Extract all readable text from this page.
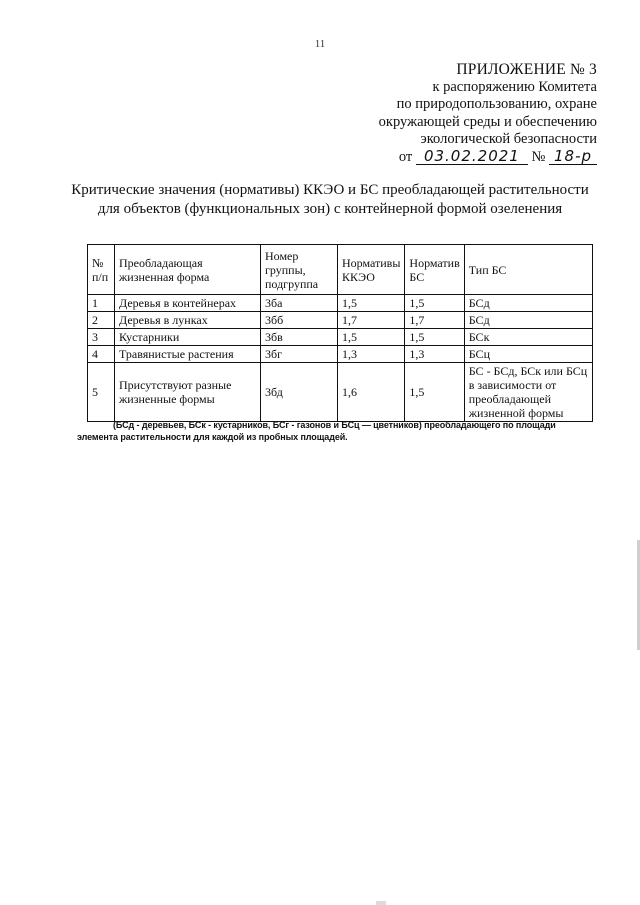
11
ПРИЛОЖЕНИЕ № 3
к распоряжению Комитета
по природопользованию, охране
окружающей среды и обеспечению
экологической безопасности
от 03.02.2021 № 18-р
Критические значения (нормативы) ККЭО и БС преобладающей растительности для объектов (функциональных зон) с контейнерной формой озеленения
№ п/п	Преобладающая жизненная форма	Номер группы, подгруппа	Нормативы ККЭО	Норматив БС	Тип БС
1	Деревья в контейнерах	3ба	1,5	1,5	БСд
2	Деревья в лунках	3бб	1,7	1,7	БСд
3	Кустарники	3бв	1,5	1,5	БСк
4	Травянистые растения	3бг	1,3	1,3	БСц
5	Присутствуют разные жизненные формы	3бд	1,6	1,5	БС - БСд, БСк или БСц в зависимости от преобладающей жизненной формы
(БСд - деревьев, БСк - кустарников, БСг - газонов и БСц — цветников) преобладающего по площади элемента растительности для каждой из пробных площадей.
